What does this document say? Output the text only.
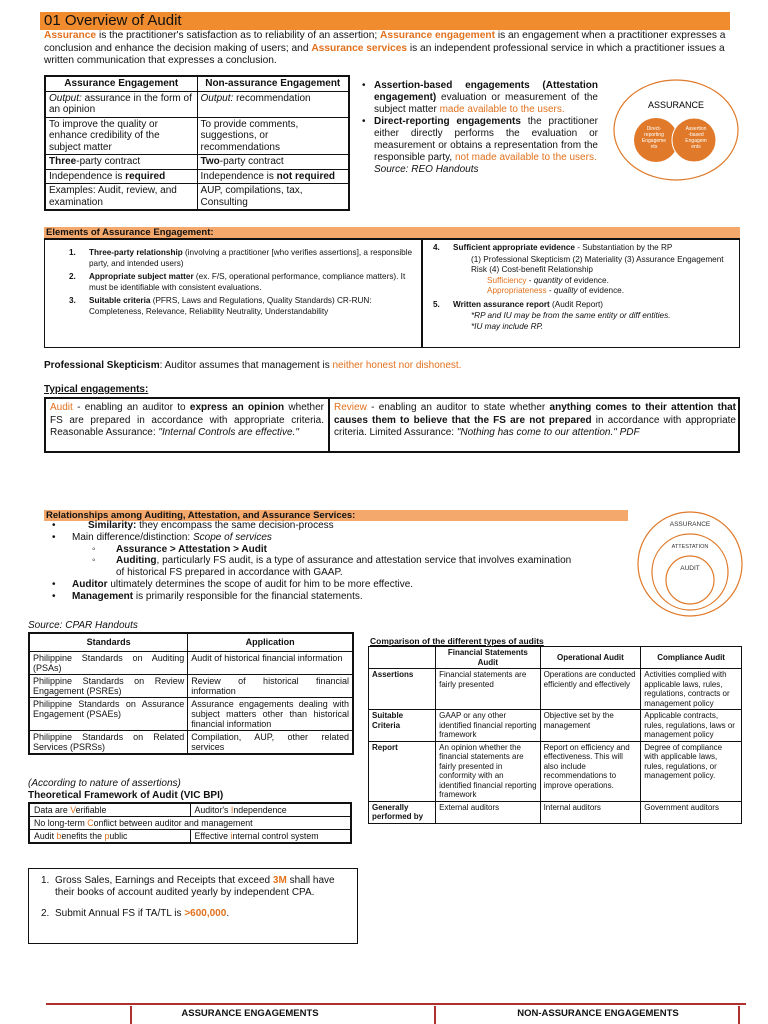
01 Overview of Audit
Assurance is the practitioner's satisfaction as to reliability of an assertion; Assurance engagement is an engagement when a practitioner expresses a conclusion and enhance the decision making of users; and Assurance services is an independent professional service in which a practitioner issues a written communication that expresses a conclusion.
Assurance Engagement	Non-assurance Engagement
Output: assurance in the form of an opinion	Output: recommendation
To improve the quality or enhance credibility of the subject matter	To provide comments, suggestions, or recommendations
Three-party contract	Two-party contract
Independence is required	Independence is not required
Examples: Audit, review, and examination	AUP, compilations, tax, Consulting
• Assertion-based engagements (Attestation engagement) evaluation or measurement of the subject matter made available to the users.
• Direct-reporting engagements the practitioner either directly performs the evaluation or measurement or obtains a representation from the responsible party, not made available to the users.
Source: REO Handouts
ASSURANCE
Direct-
reporting
Engageme
nts
Assertion
-based
Engagem
ents
Elements of Assurance Engagement:
1. Three-party relationship (involving a practitioner [who verifies assertions], a responsible party, and intended users)
2. Appropriate subject matter (ex. F/S, operational performance, compliance matters). It must be identifiable with consistent evaluations.
3. Suitable criteria (PFRS, Laws and Regulations, Quality Standards) CR-RUN: Completeness, Relevance, Reliability Neutrality, Understandability
4. Sufficient appropriate evidence - Substantiation by the RP
(1) Professional Skepticism (2) Materiality (3) Assurance Engagement Risk (4) Cost-benefit Relationship
Sufficiency - quantity of evidence.
Appropriateness - quality of evidence.
5. Written assurance report (Audit Report)
*RP and IU may be from the same entity or diff entities.
*IU may include RP.
Professional Skepticism: Auditor assumes that management is neither honest nor dishonest.
Typical engagements:
Audit - enabling an auditor to express an opinion whether FS are prepared in accordance with appropriate criteria. Reasonable Assurance: "Internal Controls are effective."
Review - enabling an auditor to state whether anything comes to their attention that causes them to believe that the FS are not prepared in accordance with appropriate criteria. Limited Assurance: "Nothing has come to our attention." PDF
Relationships among Auditing, Attestation, and Assurance Services:
• Similarity: they encompass the same decision-process
• Main difference/distinction: Scope of services
◦ Assurance > Attestation > Audit
◦ Auditing, particularly FS audit, is a type of assurance and attestation service that involves examination
of historical FS prepared in accordance with GAAP.
• Auditor ultimately determines the scope of audit for him to be more effective.
• Management is primarily responsible for the financial statements.
ASSURANCE
ATTESTATION
AUDIT
Source: CPAR Handouts
Standards	Application
Philippine Standards on Auditing (PSAs)	Audit of historical financial information
Philippine Standards on Review Engagement (PSREs)	Review of historical financial information
Philippine Standards on Assurance Engagement (PSAEs)	Assurance engagements dealing with subject matters other than historical financial information
Philippine Standards on Related Services (PSRSs)	Compilation, AUP, other related services
Comparison of the different types of audits
	Financial Statements Audit	Operational Audit	Compliance Audit
Assertions	Financial statements are fairly presented	Operations are conducted efficiently and effectively	Activities complied with applicable laws, rules, regulations, contracts or management policy
Suitable Criteria	GAAP or any other identified financial reporting framework	Objective set by the management	Applicable contracts, rules, regulations, laws or management policy
Report	An opinion whether the financial statements are fairly presented in conformity with an identified financial reporting framework	Report on efficiency and effectiveness. This will also include recommendations to improve operations.	Degree of compliance with applicable laws, rules, regulations, or management policy.
Generally performed by	External auditors	Internal auditors	Government auditors
(According to nature of assertions)
Theoretical Framework of Audit (VIC BPI)
Data are Verifiable	Auditor's Independence
No long-term Conflict between auditor and management	
Audit benefits the public	Effective internal control system
1. Gross Sales, Earnings and Receipts that exceed 3M shall have their books of account audited yearly by independent CPA.
2. Submit Annual FS if TA/TL is >600,000.
ASSURANCE ENGAGEMENTS	NON-ASSURANCE ENGAGEMENTS
